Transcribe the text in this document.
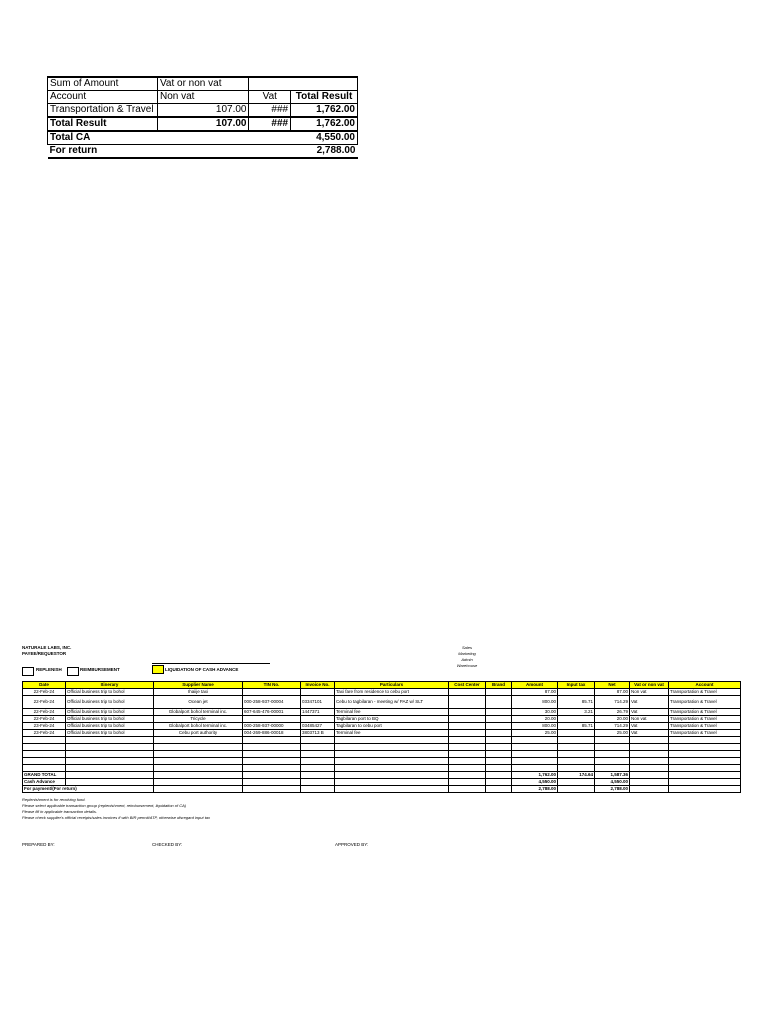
Sum of Amount	Vat or non vat		
Account	Non vat	Vat	Total Result
Transportation & Travel	107.00	###	1,762.00
Total Result	107.00	###	1,762.00
Total CA			4,550.00
For return			2,788.00
NATURALE LABS, INC.
PAYEE/REQUESTOR
Sales
Marketing
Admin
Warehouse
REPLENISH	REIMBURSEMENT	LIQUIDATION OF CASH ADVANCE
Date	Itinerary	Supplier Name	TIN No.	Invoice No.	Particulars	Cost Center	Brand	Amount	Input tax	Net	Vat or non vat	Account
22-Feb-24	Official business trip to bohol	Ihaiije taxi			Taxi fare from residence to cebu port			87.00		87.00	Non vat	Transportation & Travel
22-Feb-24	Official business trip to bohol	Ocean jet	000-258-937-00004	03347101	Cebu to tagbilaran - meeting w/ PAZ w/ SLT			800.00	85.71	714.29	Vat	Transportation & Travel
22-Feb-24	Official business trip to bohol	Globalport bohol terminal inc.	607-645-476-00001	1447371	Terminal fee			30.00	3.21	26.79	Vat	Transportation & Travel
22-Feb-24	Official business trip to bohol	Tricycle			Tagbilaran port to BQ			20.00		20.00	Non vat	Transportation & Travel
23-Feb-24	Official business trip to bohol	Globalport bohol terminal inc.	000-258-937-00000	03485427	Tagbilaran to cebu port			800.00	85.71	714.29	Vat	Transportation & Travel
23-Feb-24	Official business trip to bohol	Cebu port authority	004-269-886-00018	3803713 B	Terminal fee			25.00		25.00	Vat	Transportation & Travel

GRAND TOTAL								1,762.00	174.64	1,587.36		
Cash Advance								4,550.00		4,550.00		
For payment/(For return)								2,788.00		2,788.00		
Replenishment is for revolving fund.
Please select applicable transaction group (replenishment, reimbursement, liquidation of CA)
Please fill in applicable transaction details.
Please check supplier's official receipts/sales invoices if with BIR permit/ATP, otherwise disregard input tax
PREPARED BY:	CHECKED BY:	APPROVED BY:
